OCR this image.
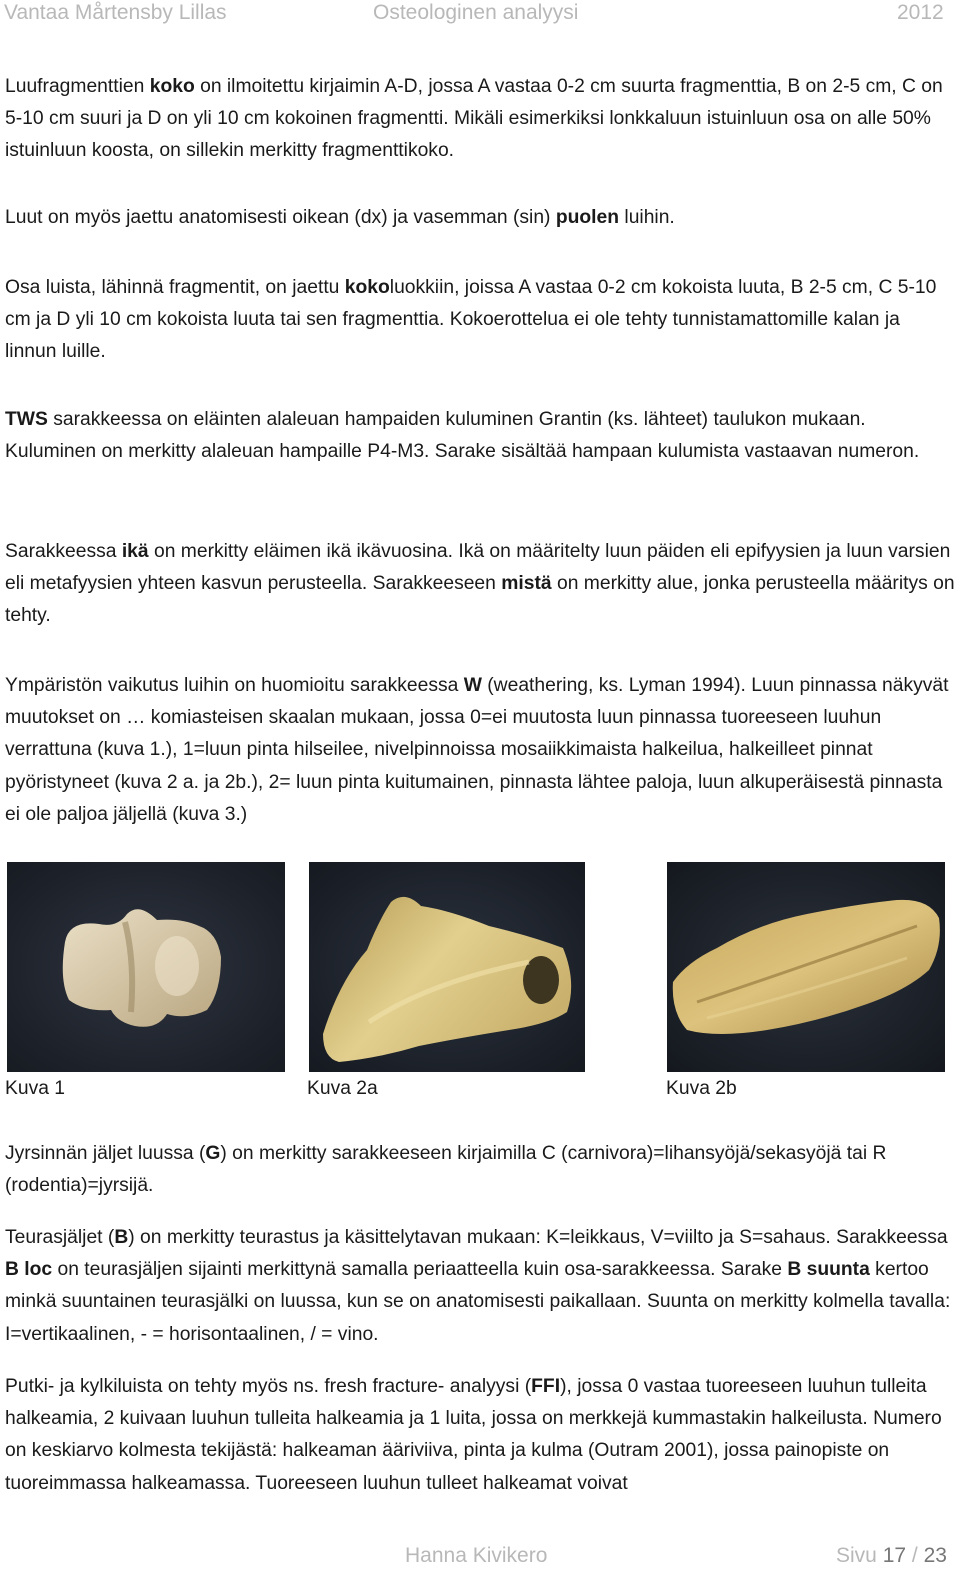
Vantaa Mårtensby Lillas	Osteologinen analyysi	2012

Luufragmenttien koko on ilmoitettu kirjaimin A-D, jossa A vastaa 0-2 cm suurta fragmenttia, B on 2-5 cm, C on 5-10 cm suuri ja D on yli 10 cm kokoinen fragmentti. Mikäli esimerkiksi lonkkaluun istuinluun osa on alle 50% istuinluun koosta, on sillekin merkitty fragmenttikoko.

Luut on myös jaettu anatomisesti oikean (dx) ja vasemman (sin) puolen luihin.

Osa luista, lähinnä fragmentit, on jaettu kokoluokkiin, joissa A vastaa 0-2 cm kokoista luuta, B 2-5 cm, C 5-10 cm ja D yli 10 cm kokoista luuta tai sen fragmenttia. Kokoerottelua ei ole tehty tunnistamattomille kalan ja linnun luille.

TWS sarakkeessa on eläinten alaleuan hampaiden kuluminen Grantin (ks. lähteet) taulukon mukaan. Kuluminen on merkitty alaleuan hampaille P4-M3. Sarake sisältää hampaan kulumista vastaavan numeron.

Sarakkeessa ikä on merkitty eläimen ikä ikävuosina. Ikä on määritelty luun päiden eli epifyysien ja luun varsien eli metafyysien yhteen kasvun perusteella. Sarakkeeseen mistä on merkitty alue, jonka perusteella määritys on tehty.

Ympäristön vaikutus luihin on huomioitu sarakkeessa W (weathering, ks. Lyman 1994). Luun pinnassa näkyvät muutokset on … komiasteisen skaalan mukaan, jossa 0=ei muutosta luun pinnassa tuoreeseen luuhun verrattuna (kuva 1.), 1=luun pinta hilseilee, nivelpinnoissa mosaiikkimaista halkeilua, halkeilleet pinnat pyöristyneet (kuva 2 a. ja 2b.), 2= luun pinta kuitumainen, pinnasta lähtee paloja, luun alkuperäisestä pinnasta ei ole paljoa jäljellä (kuva 3.)

Kuva 1	Kuva 2a	Kuva 2b

Jyrsinnän jäljet luussa (G) on merkitty sarakkeeseen kirjaimilla C (carnivora)=lihansyöjä/sekasyöjä tai R (rodentia)=jyrsijä.

Teurasjäljet (B) on merkitty teurastus ja käsittelytavan mukaan: K=leikkaus, V=viilto ja S=sahaus. Sarakkeessa B loc on teurasjäljen sijainti merkittynä samalla periaatteella kuin osa-sarakkeessa. Sarake B suunta kertoo minkä suuntainen teurasjälki on luussa, kun se on anatomisesti paikallaan. Suunta on merkitty kolmella tavalla: I=vertikaalinen, - = horisontaalinen, / = vino.

Putki- ja kylkiluista on tehty myös ns. fresh fracture- analyysi (FFI), jossa 0 vastaa tuoreeseen luuhun tulleita halkeamia, 2 kuivaan luuhun tulleita halkeamia ja 1 luita, jossa on merkkejä kummastakin halkeilusta. Numero on keskiarvo kolmesta tekijästä: halkeaman ääriviiva, pinta ja kulma (Outram 2001), jossa painopiste on tuoreimmassa halkeamassa. Tuoreeseen luuhun tulleet halkeamat voivat

Hanna Kivikero	Sivu 17 / 23
